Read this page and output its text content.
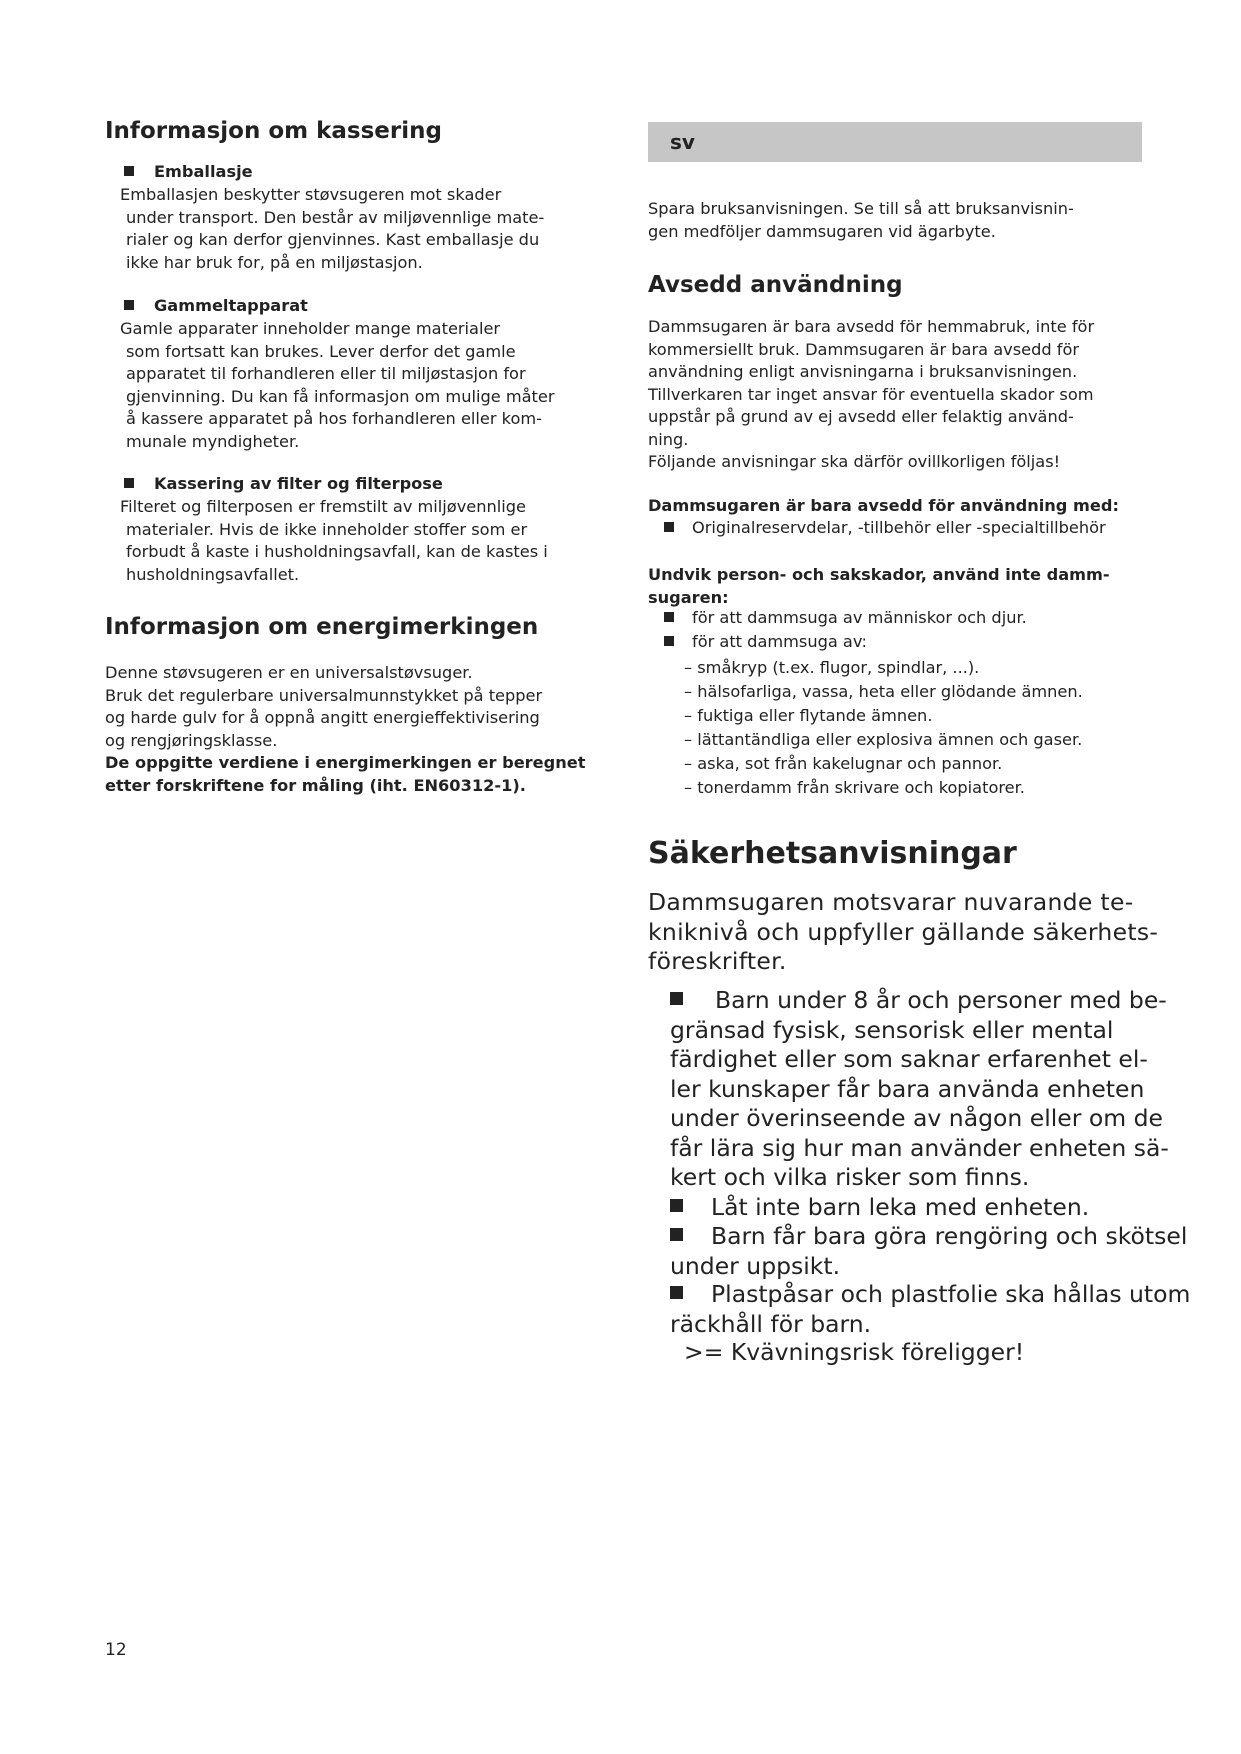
Informasjon om kassering
Emballasje
Emballasjen beskytter støvsugeren mot skader
under transport. Den består av miljøvennlige mate-
rialer og kan derfor gjenvinnes. Kast emballasje du
ikke har bruk for, på en miljøstasjon.
Gammeltapparat
Gamle apparater inneholder mange materialer
som fortsatt kan brukes. Lever derfor det gamle
apparatet til forhandleren eller til miljøstasjon for
gjenvinning. Du kan få informasjon om mulige måter
å kassere apparatet på hos forhandleren eller kom-
munale myndigheter.
Kassering av filter og filterpose
Filteret og filterposen er fremstilt av miljøvennlige
materialer. Hvis de ikke inneholder stoffer som er
forbudt å kaste i husholdningsavfall, kan de kastes i
husholdningsavfallet.
Informasjon om energimerkingen
Denne støvsugeren er en universalstøvsuger.
Bruk det regulerbare universalmunnstykket på tepper
og harde gulv for å oppnå angitt energieffektivisering
og rengjøringsklasse.
De oppgitte verdiene i energimerkingen er beregnet
etter forskriftene for måling (iht. EN60312-1).
sv
Spara bruksanvisningen. Se till så att bruksanvisnin-
gen medföljer dammsugaren vid ägarbyte.
Avsedd användning
Dammsugaren är bara avsedd för hemmabruk, inte för
kommersiellt bruk. Dammsugaren är bara avsedd för
användning enligt anvisningarna i bruksanvisningen.
Tillverkaren tar inget ansvar för eventuella skador som
uppstår på grund av ej avsedd eller felaktig använd-
ning.
Följande anvisningar ska därför ovillkorligen följas!
Dammsugaren är bara avsedd för användning med:
Originalreservdelar, -tillbehör eller -specialtillbehör
Undvik person- och sakskador, använd inte damm-
sugaren:
för att dammsuga av människor och djur.
för att dammsuga av:
– småkryp (t.ex. flugor, spindlar, ...).
– hälsofarliga, vassa, heta eller glödande ämnen.
– fuktiga eller flytande ämnen.
– lättantändliga eller explosiva ämnen och gaser.
– aska, sot från kakelugnar och pannor.
– tonerdamm från skrivare och kopiatorer.
Säkerhetsanvisningar
Dammsugaren motsvarar nuvarande te-
kniknivå och uppfyller gällande säkerhets-
föreskrifter.
Barn under 8 år och personer med be-
gränsad fysisk, sensorisk eller mental
färdighet eller som saknar erfarenhet el-
ler kunskaper får bara använda enheten
under överinseende av någon eller om de
får lära sig hur man använder enheten sä-
kert och vilka risker som finns.
Låt inte barn leka med enheten.
Barn får bara göra rengöring och skötsel
under uppsikt.
Plastpåsar och plastfolie ska hållas utom
räckhåll för barn.
>= Kvävningsrisk föreligger!
12
